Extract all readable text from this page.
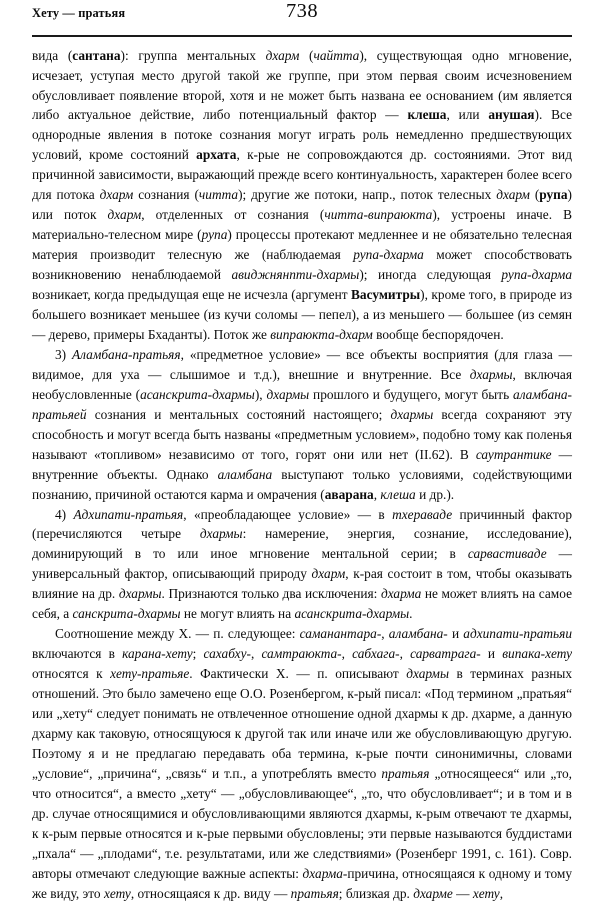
Хету — пратьяя	738

вида (сантана): группа ментальных дхарм (чайтта), существующая одно мгновение, исчезает, уступая место другой такой же группе, при этом первая своим исчезновением обусловливает появление второй, хотя и не может быть названа ее основанием (им является либо актуальное действие, либо потенциальный фактор — клеша, или анушая). Все однородные явления в потоке сознания могут играть роль немедленно предшествующих условий, кроме состояний архата, к‑рые не сопровождаются др. состояниями. Этот вид причинной зависимости, выражающий прежде всего континуальность, характерен более всего для потока дхарм сознания (читта); другие же потоки, напр., поток телесных дхарм (рупа) или поток дхарм, отделенных от сознания (читта-випраюкта), устроены иначе. В материально-телесном мире (рупа) процессы протекают медленнее и не обязательно телесная материя производит телесную же (наблюдаемая рупа-дхарма может способствовать возникновению ненаблюдаемой авиджнянпти-дхармы); иногда следующая рупа-дхарма возникает, когда предыдущая еще не исчезла (аргумент Васумитры), кроме того, в природе из большего возникает меньшее (из кучи соломы — пепел), а из меньшего — большее (из семян — дерево, примеры Бхаданты). Поток же випраюкта-дхарм вообще беспорядочен.

3) Аламбана-пратьяя, «предметное условие» — все объекты восприятия (для глаза — видимое, для уха — слышимое и т.д.), внешние и внутренние. Все дхармы, включая необусловленные (асанскрита-дхармы), дхармы прошлого и будущего, могут быть аламбана-пратьяей сознания и ментальных состояний настоящего; дхармы всегда сохраняют эту способность и могут всегда быть названы «предметным условием», подобно тому как поленья называют «топливом» независимо от того, горят они или нет (II.62). В саутрантике — внутренние объекты. Однако аламбана выступают только условиями, содействующими познанию, причиной остаются карма и омрачения (аварана, клеша и др.).

4) Адхипати-пратьяя, «преобладающее условие» — в тхераваде причинный фактор (перечисляются четыре дхармы: намерение, энергия, сознание, исследование), доминирующий в то или иное мгновение ментальной серии; в сарвастиваде — универсальный фактор, описывающий природу дхарм, к‑рая состоит в том, чтобы оказывать влияние на др. дхармы. Признаются только два исключения: дхарма не может влиять на самое себя, а санскрита-дхармы не могут влиять на асанскрита-дхармы.

Соотношение между Х. — п. следующее: саманантара-, аламбана- и адхипати-пратьяи включаются в карана-хету; сахабху-, самтраюкта-, сабхага-, сарватрага- и випака-хету относятся к хету-пратьяе. Фактически Х. — п. описывают дхармы в терминах разных отношений. Это было замечено еще О.О. Розенбергом, к‑рый писал: «Под термином „пратьяя“ или „хету“ следует понимать не отвлеченное отношение одной дхармы к др. дхарме, а данную дхарму как таковую, относящуюся к другой так или иначе или же обусловливающую другую. Поэтому я и не предлагаю передавать оба термина, к‑рые почти синонимичны, словами „условие“, „причина“, „связь“ и т.п., а употреблять вместо пратьяя „относящееся“ или „то, что относится“, а вместо „хету“ — „обусловливающее“, „то, что обусловливает“; и в том и в др. случае относящимися и обусловливающими являются дхармы, к‑рым отвечают те дхармы, к к‑рым первые относятся и к‑рые первыми обусловлены; эти первые называются буддистами „пхала“ — „плодами“, т.е. результатами, или же следствиями» (Розенберг 1991, с. 161). Совр. авторы отмечают следующие важные аспекты: дхарма-причина, относящаяся к одному и тому же виду, это хету, относящаяся к др. виду — пратьяя; близкая др. дхарме — хету,
